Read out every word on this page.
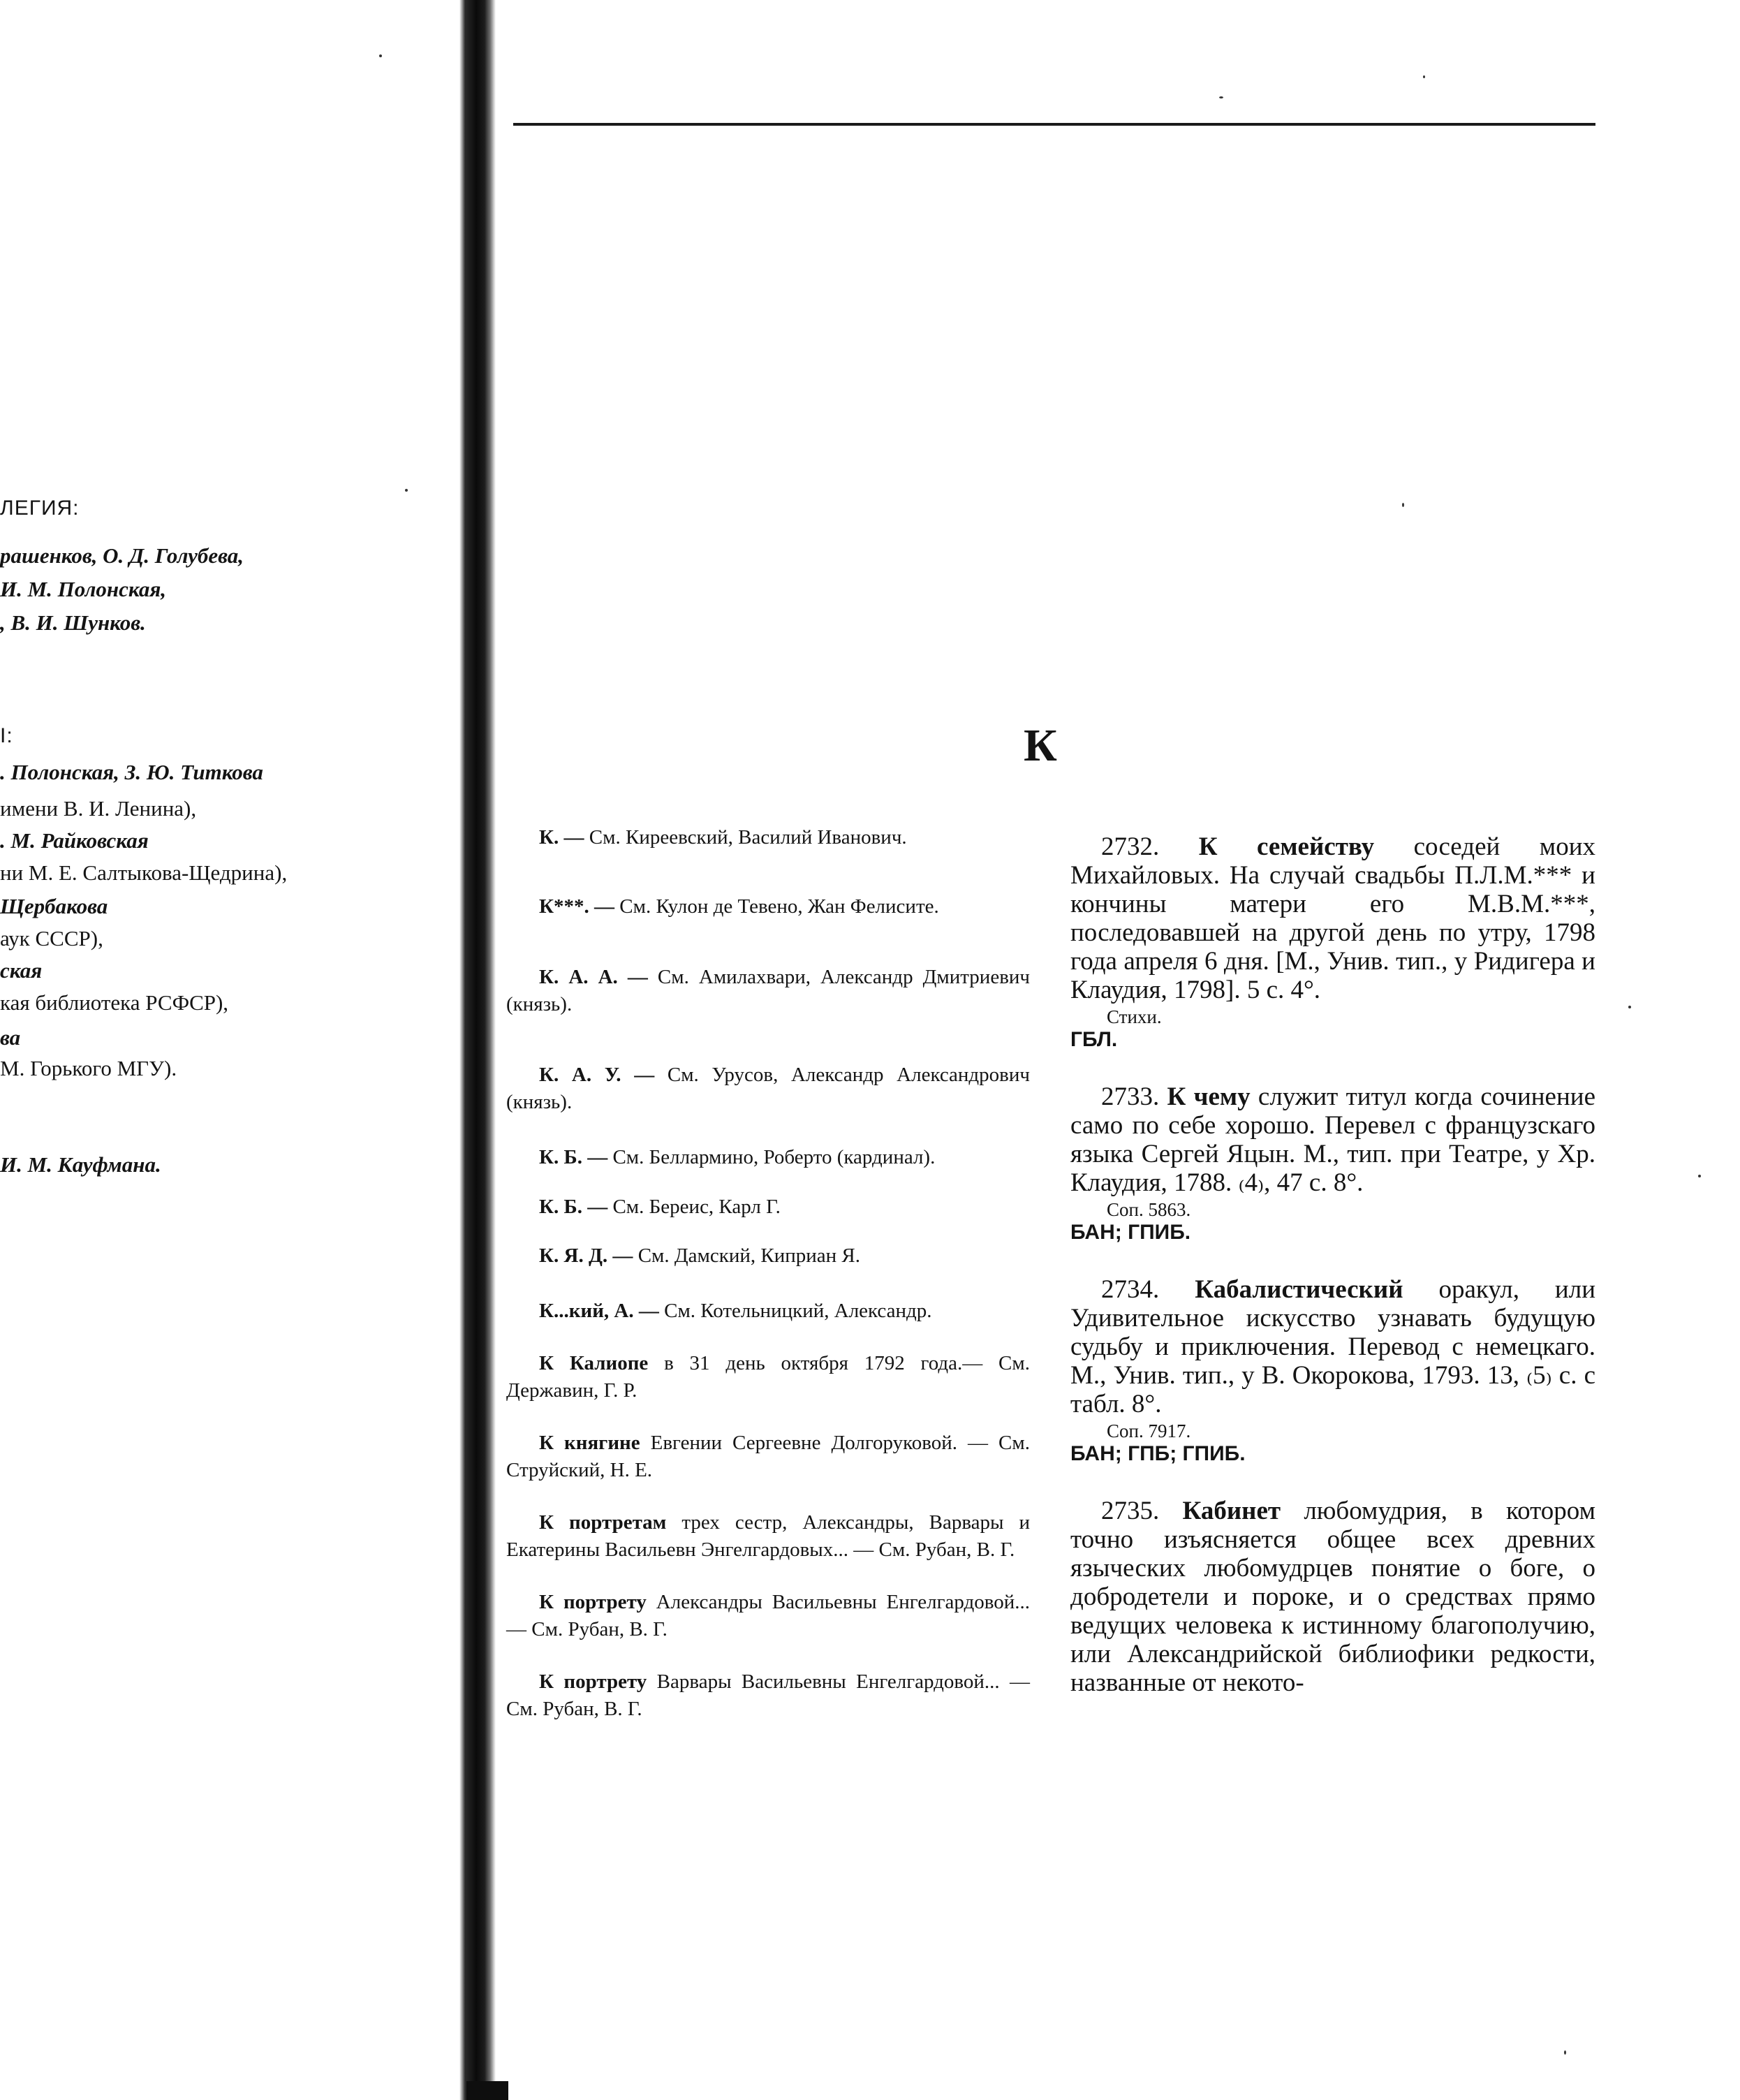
ЛЕГИЯ:
рашенков, О. Д. Голубева,
И. М. Полонская,
, В. И. Шунков.
І:
. Полонская, З. Ю. Титкова
имени В. И. Ленина),
. М. Райковская
ни М. Е. Салтыкова-Щедрина),
Щербакова
аук СССР),
ская
кая библиотека РСФСР),
ва
М. Горького МГУ).
И. М. Кауфмана.
К
К. — См. Киреевский, Василий Иванович.
К***. — См. Кулон де Тевено, Жан Фелисите.
К. А. А. — См. Амилахвари, Александр Дмитриевич (князь).
К. А. У. — См. Урусов, Александр Александрович (князь).
К. Б. — См. Беллармино, Роберто (кардинал).
К. Б. — См. Береис, Карл Г.
К. Я. Д. — См. Дамский, Киприан Я.
К...кий, А. — См. Котельницкий, Александр.
К Калиопе в 31 день октября 1792 года.— См. Державин, Г. Р.
К княгине Евгении Сергеевне Долгоруковой. — См. Струйский, Н. Е.
К портретам трех сестр, Александры, Варвары и Екатерины Васильевн Энгелгардовых... — См. Рубан, В. Г.
К портрету Александры Васильевны Енгелгардовой... — См. Рубан, В. Г.
К портрету Варвары Васильевны Енгелгардовой... — См. Рубан, В. Г.
2732. К семейству соседей моих Михайловых. На случай свадьбы П.Л.М.*** и кончины матери его М.В.М.***, последовавшей на другой день по утру, 1798 года апреля 6 дня. [М., Унив. тип., у Ридигера и Клаудия, 1798]. 5 с. 4°.
Стихи.
ГБЛ.
2733. К чему служит титул когда сочинение само по себе хорошо. Перевел с французскаго языка Сергей Яцын. М., тип. при Театре, у Хр. Клаудия, 1788. ₍4₎, 47 с. 8°.
Соп. 5863.
БАН; ГПИБ.
2734. Кабалистический оракул, или Удивительное искусство узнавать будущую судьбу и приключения. Перевод с немецкаго. М., Унив. тип., у В. Окорокова, 1793. 13, ₍5₎ с. с табл. 8°.
Соп. 7917.
БАН; ГПБ; ГПИБ.
2735. Кабинет любомудрия, в котором точно изъясняется общее всех древних языческих любомудрцев понятие о боге, о добродетели и пороке, и о средствах прямо ведущих человека к истинному благополучию, или Александрийской библиофики редкости, названные от некото-
